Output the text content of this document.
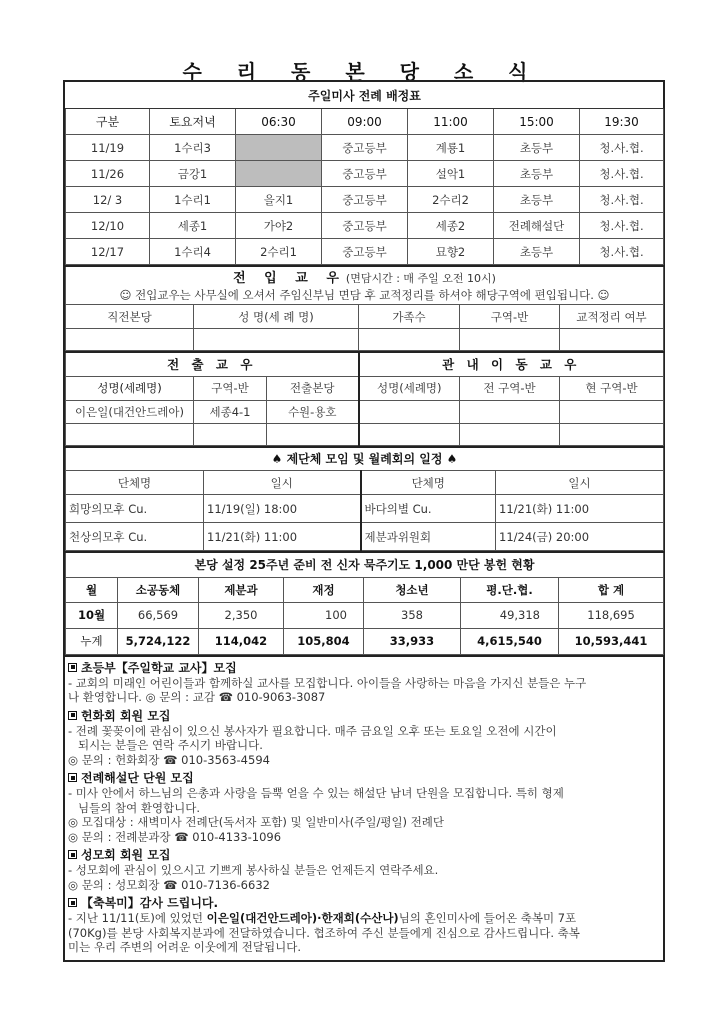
수 리 동 본 당 소 식
주일미사 전례 배정표						
구분	토요저녁	06:30	09:00	11:00	15:00	19:30
11/19	1수리3		중고등부	계룡1	초등부	청.사.협.
11/26	금강1		중고등부	설악1	초등부	청.사.협.
12/ 3	1수리1	을지1	중고등부	2수리2	초등부	청.사.협.
12/10	세종1	가야2	중고등부	세종2	전례해설단	청.사.협.
12/17	1수리4	2수리1	중고등부	묘향2	초등부	청.사.협.
전 입 교 우(면담시간 : 매 주일 오전 10시)
☺ 전입교우는 사무실에 오셔서 주임신부님 면담 후 교적정리를 하셔야 해당구역에 편입됩니다. ☺				

직전본당	성 명(세 례 명)	가족수	구역-반	교적정리 여부

전 출 교 우			관 내 이 동 교 우		
성명(세례명)	구역-반	전출본당	성명(세례명)	전 구역-반	현 구역-반
이은일(대건안드레아)	세종4-1	수원-용호			

♠ 제단체 모임 및 월례회의 일정 ♠			
단체명	일시	단체명	일시
희망의모후 Cu.	11/19(일) 18:00	바다의별 Cu.	11/21(화) 11:00
천상의모후 Cu.	11/21(화) 11:00	제분과위원회	11/24(금) 20:00
본당 설정 25주년 준비 전 신자 묵주기도 1,000 만단 봉헌 현황						
월	소공동체	제분과	재정	청소년	평.단.협.	합 계
10월	66,569	2,350	100	358	49,318	118,695
누계	5,724,122	114,042	105,804	33,933	4,615,540	10,593,441
초등부【주일학교 교사】모집
- 교회의 미래인 어린이들과 함께하실 교사를 모집합니다. 아이들을 사랑하는 마음을 가지신 분들은 누구
나 환영합니다. ◎ 문의 : 교감 ☎ 010-9063-3087
헌화회 회원 모집
- 전례 꽃꽂이에 관심이 있으신 봉사자가 필요합니다. 매주 금요일 오후 또는 토요일 오전에 시간이
되시는 분들은 연락 주시기 바랍니다.
◎ 문의 : 헌화회장 ☎ 010-3563-4594
전례해설단 단원 모집
- 미사 안에서 하느님의 은총과 사랑을 듬뿍 얻을 수 있는 해설단 남녀 단원을 모집합니다. 특히 형제
님들의 참여 환영합니다.
◎ 모집대상 : 새벽미사 전례단(독서자 포함) 및 일반미사(주일/평일) 전례단
◎ 문의 : 전례분과장 ☎ 010-4133-1096
성모회 회원 모집
- 성모회에 관심이 있으시고 기쁘게 봉사하실 분들은 언제든지 연락주세요.
◎ 문의 : 성모회장 ☎ 010-7136-6632
【축복미】감사 드립니다.
- 지난 11/11(토)에 있었던 이은일(대건안드레아)·한재희(수산나)님의 혼인미사에 들어온 축복미 7포
(70Kg)를 본당 사회복지분과에 전달하였습니다. 협조하여 주신 분들에게 진심으로 감사드립니다. 축복
미는 우리 주변의 어려운 이웃에게 전달됩니다.
